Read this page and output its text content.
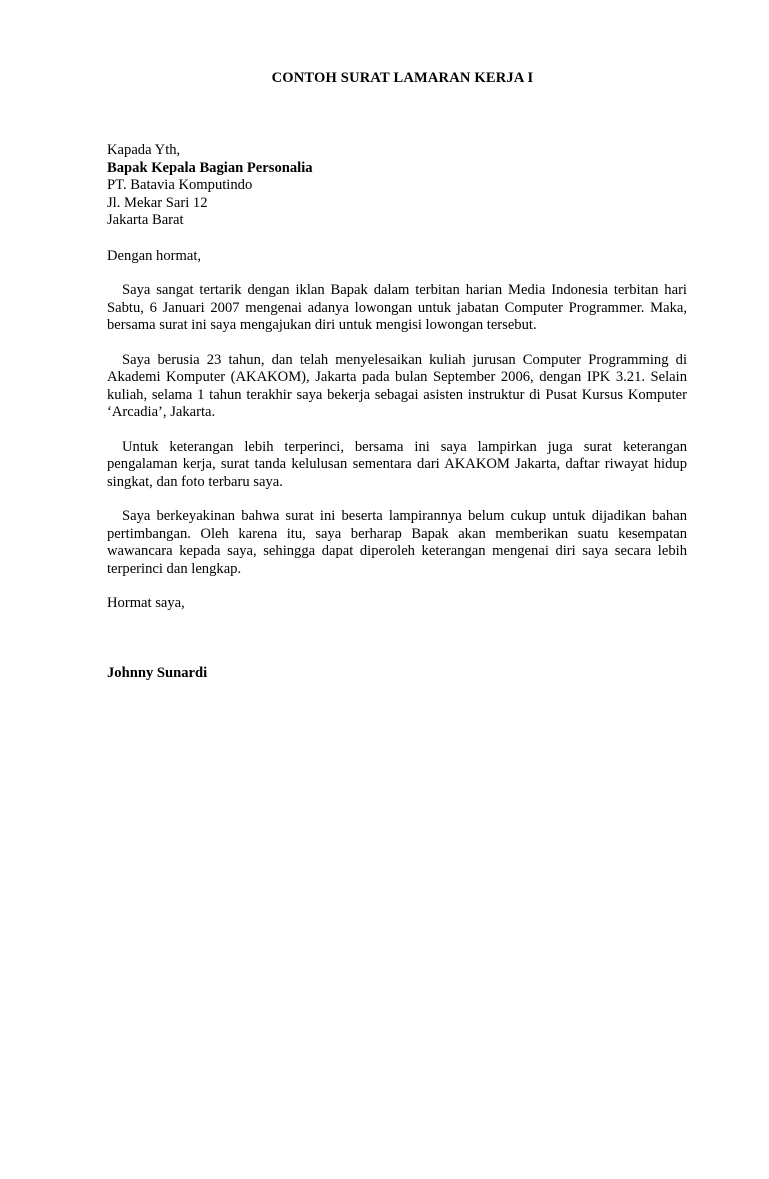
CONTOH SURAT LAMARAN KERJA I
Kapada Yth,
Bapak Kepala Bagian Personalia
PT. Batavia Komputindo
Jl. Mekar Sari 12
Jakarta Barat
Dengan hormat,
Saya sangat tertarik dengan iklan Bapak dalam terbitan harian Media Indonesia terbitan hari Sabtu, 6 Januari 2007 mengenai adanya lowongan untuk jabatan Computer Programmer. Maka, bersama surat ini saya mengajukan diri untuk mengisi lowongan tersebut.
Saya berusia 23 tahun, dan telah menyelesaikan kuliah jurusan Computer Programming di Akademi Komputer (AKAKOM), Jakarta pada bulan September 2006, dengan IPK 3.21. Selain kuliah, selama 1 tahun terakhir saya bekerja sebagai asisten instruktur di Pusat Kursus Komputer ‘Arcadia’, Jakarta.
Untuk keterangan lebih terperinci, bersama ini saya lampirkan juga surat keterangan pengalaman kerja, surat tanda kelulusan sementara dari AKAKOM Jakarta, daftar riwayat hidup singkat, dan foto terbaru saya.
Saya berkeyakinan bahwa surat ini beserta lampirannya belum cukup untuk dijadikan bahan pertimbangan. Oleh karena itu, saya berharap Bapak akan memberikan suatu kesempatan wawancara kepada saya, sehingga dapat diperoleh keterangan mengenai diri saya secara lebih terperinci dan lengkap.
Hormat saya,
Johnny Sunardi
